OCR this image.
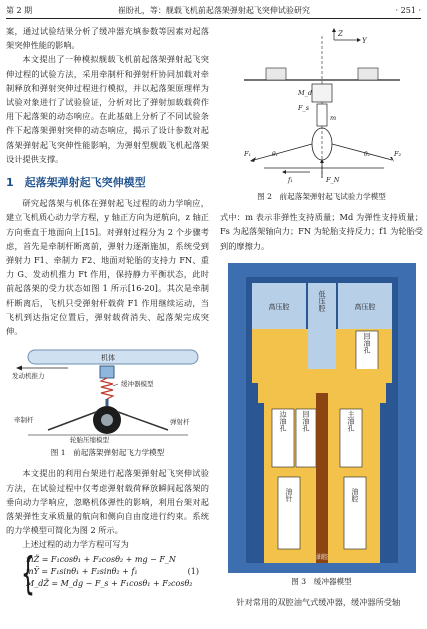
第 2 期	崔盼礼，等：舰载飞机前起落架弹射起飞突伸试验研究	· 251 ·

案，通过试验结果分析了缓冲器充填参数等因素对起落架突伸性能的影响。

本文提出了一种模拟舰载飞机前起落架弹射起飞突伸过程的试验方法，采用牵制杆和弹射杆协同加载对牵制释放和弹射突伸过程进行模拟，并以起落架原理样为试验对象进行了试验验证，分析对比了弹射加载载荷作用下起落架的动态响应。在此基础上分析了不同试验条件下起落架弹射突伸的动态响应，揭示了设计参数对起落架弹射起飞突伸性能影响，为弹射型舰载飞机起落架设计提供支撑。

1　起落架弹射起飞突伸模型

研究起落架与机体在弹射起飞过程的动力学响应，建立飞机质心动力学方程，y 轴正方向为逆航向，z 轴正方向垂直于地面向上[15]。对弹射过程分为 2 个步骤考虑，首先是牵制杆断离前，弹射力逐渐施加，系统受到弹射力 F1、牵制力 F2、地面对轮胎的支持力 FN、重力 G、发动机推力 Ft 作用，保持静力平衡状态，此时前起落架的受力状态如图 1 所示[16-20]。其次是牵制杆断离后，飞机只受弹射杆载荷 F1 作用继续运动，当飞机到达指定位置后，弹射载荷消失、起落架完成突伸。

机体
发动机推力
缓冲器模型
牵制杆	弹射杆
轮胎压缩模型
图 1　前起落架弹射起飞力学模型

本文提出的利用台架进行起落架弹射起飞突伸试验方法，在试验过程中仅考虑弹射载荷释放瞬间起落架的垂向动力学响应，忽略机体弹性的影响，利用台架对起落架弹性支承质量的航向和侧向自由度进行约束。系统的力学模型可简化为图 2 所示。

上述过程的动力学方程可写为

{
mZ̈ = F₁cosθ₁ + F₂cosθ₂ + mg − F_N
mŸ = F₁sinθ₁ + F₂sinθ₂ + f₁
M_dZ̈ = M_dg − F_s + F₁cosθ₁ + F₂cosθ₂
(1)
Z
Y
M_d
F_s
m
F₁	θ₁	F₂
θ₂
F_N
f₁
图 2　前起落架弹射起飞试验力学模型

式中：m 表示非弹性支持质量；Md 为弹性支持质量；Fs 为起落架轴向力；FN 为轮胎支持反力；f1 为轮胎受到的摩擦力。

高压腔	高压腔
低压腔
回油孔
边油孔 回油孔	主油孔
油针	油腔
油腔
图 3　缓冲器模型

针对常用的双腔油气式缓冲器，缓冲器所受轴
